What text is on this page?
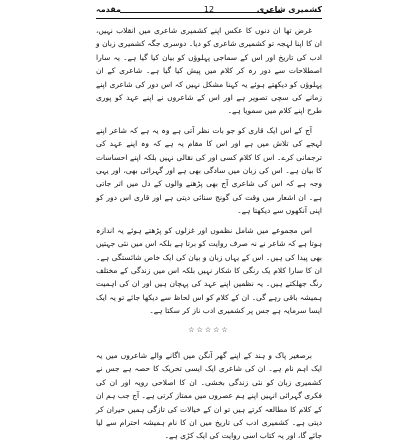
کشمیری شاعری
12
مقدمہ

غرض تھا ان دنوں کا عکس اپنے کشمیری شاعری میں انقلاب نہیں، ان کا اپنا لہجہ تو کشمیری شاعری کو دیا۔ دوسری جگہ کشمیری زبان و ادب کی تاریخ اور اس کے سماجی پہلوؤں کو بیان کیا گیا ہے۔ یہ سارا اصطلاحات سے دور رہ کر کلام میں پیش کیا گیا ہے۔ شاعری کے ان پہلوؤں کو دیکھتے ہوئے یہ کہنا مشکل نہیں کہ اس دور کی شاعری اپنے زمانے کی سچی تصویر ہے اور اس کے شاعروں نے اپنے عہد کو پوری طرح اپنے کلام میں سمویا ہے۔

آج کے اس ایک قاری کو جو بات نظر آتی ہے وہ یہ ہے کہ شاعر اپنے لہجے کی تلاش میں ہے اور اس کا مقام یہ ہے کہ وہ اپنے عہد کی ترجمانی کرے۔ اس کا کلام کسی اور کی نقالی نہیں بلکہ اپنے احساسات کا بیان ہے۔ اس کی زبان میں سادگی بھی ہے اور گہرائی بھی، اور یہی وجہ ہے کہ اس کی شاعری آج بھی پڑھنے والوں کے دل میں اتر جاتی ہے۔ ان اشعار میں وقت کی گونج سنائی دیتی ہے اور قاری اس دور کو اپنی آنکھوں سے دیکھتا ہے۔

اس مجموعے میں شامل نظموں اور غزلوں کو پڑھتے ہوئے یہ اندازہ ہوتا ہے کہ شاعر نے نہ صرف روایت کو برتا ہے بلکہ اس میں نئی جہتیں بھی پیدا کی ہیں۔ اس کے یہاں زبان و بیان کی ایک خاص شائستگی ہے۔ ان کا سارا کلام یک رنگی کا شکار نہیں بلکہ اس میں زندگی کے مختلف رنگ جھلکتے ہیں۔ یہ نظمیں اپنے عہد کی پہچان ہیں اور ان کی اہمیت ہمیشہ باقی رہے گی۔ ان کے کلام کو اس لحاظ سے دیکھا جائے تو یہ ایک ایسا سرمایہ ہے جس پر کشمیری ادب ناز کر سکتا ہے۔

☆☆☆☆☆

برصغیر پاک و ہند کے اپنے گھر آنگن میں اگانے والے شاعروں میں یہ ایک اہم نام ہے۔ ان کی شاعری ایک ایسی تحریک کا حصہ ہے جس نے کشمیری زبان کو نئی زندگی بخشی۔ ان کا اصلاحی رویہ اور ان کی فکری گہرائی انہیں اپنے ہم عصروں میں ممتاز کرتی ہے۔ آج جب ہم ان کے کلام کا مطالعہ کرتے ہیں تو ان کے خیالات کی تازگی ہمیں حیران کر دیتی ہے۔ کشمیری ادب کی تاریخ میں ان کا نام ہمیشہ احترام سے لیا جائے گا، اور یہ کتاب اسی روایت کی ایک کڑی ہے۔
